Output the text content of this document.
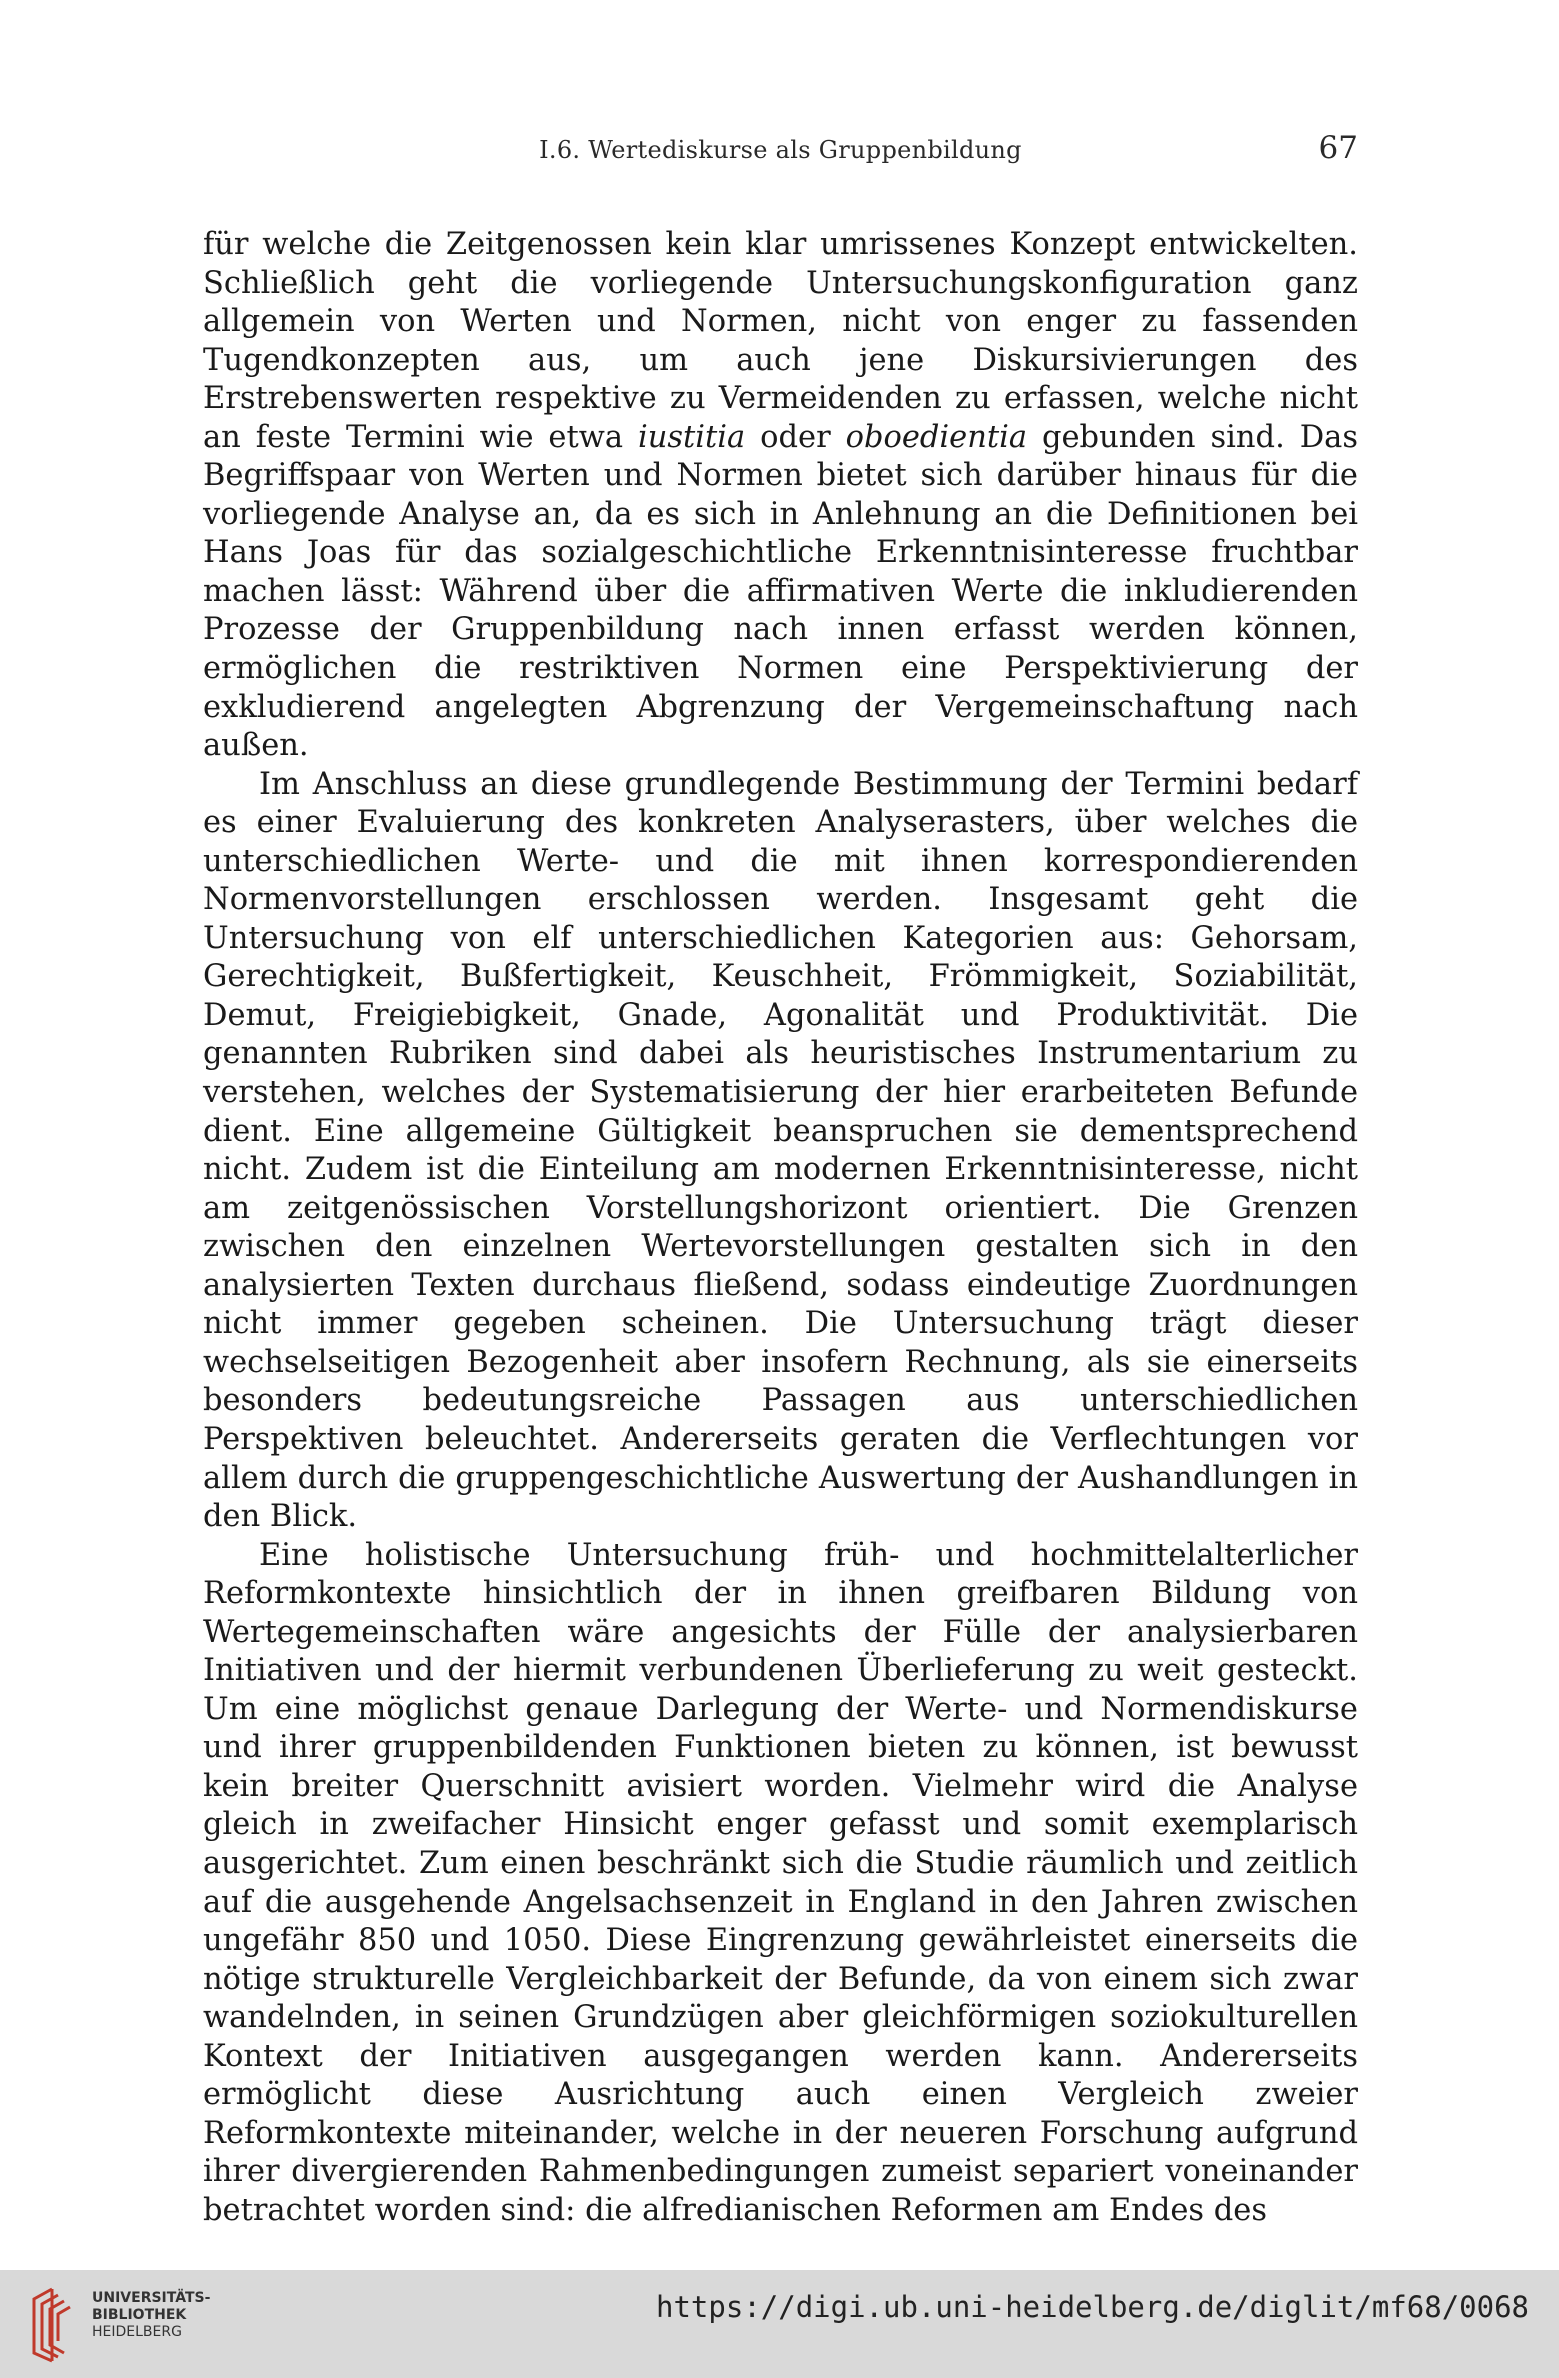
I.6. Wertediskurse als Gruppenbildung	67

für welche die Zeitgenossen kein klar umrissenes Konzept entwickelten. Schließlich geht die vorliegende Untersuchungskonfiguration ganz allgemein von Werten und Normen, nicht von enger zu fassenden Tugendkonzepten aus, um auch jene Diskursivierungen des Erstrebenswerten respektive zu Vermeidenden zu erfassen, welche nicht an feste Termini wie etwa iustitia oder oboedientia gebunden sind. Das Begriffspaar von Werten und Normen bietet sich darüber hinaus für die vorliegende Analyse an, da es sich in Anlehnung an die Definitionen bei Hans Joas für das sozialgeschichtliche Erkenntnisinteresse fruchtbar machen lässt: Während über die affirmativen Werte die inkludierenden Prozesse der Gruppenbildung nach innen erfasst werden können, ermöglichen die restriktiven Normen eine Perspektivierung der exkludierend angelegten Abgrenzung der Vergemeinschaftung nach außen.

Im Anschluss an diese grundlegende Bestimmung der Termini bedarf es einer Evaluierung des konkreten Analyserasters, über welches die unterschiedlichen Werte- und die mit ihnen korrespondierenden Normenvorstellungen erschlossen werden. Insgesamt geht die Untersuchung von elf unterschiedlichen Kategorien aus: Gehorsam, Gerechtigkeit, Bußfertigkeit, Keuschheit, Frömmigkeit, Soziabilität, Demut, Freigiebigkeit, Gnade, Agonalität und Produktivität. Die genannten Rubriken sind dabei als heuristisches Instrumentarium zu verstehen, welches der Systematisierung der hier erarbeiteten Befunde dient. Eine allgemeine Gültigkeit beanspruchen sie dementsprechend nicht. Zudem ist die Einteilung am modernen Erkenntnisinteresse, nicht am zeitgenössischen Vorstellungshorizont orientiert. Die Grenzen zwischen den einzelnen Wertevorstellungen gestalten sich in den analysierten Texten durchaus fließend, sodass eindeutige Zuordnungen nicht immer gegeben scheinen. Die Untersuchung trägt dieser wechselseitigen Bezogenheit aber insofern Rechnung, als sie einerseits besonders bedeutungsreiche Passagen aus unterschiedlichen Perspektiven beleuchtet. Andererseits geraten die Verflechtungen vor allem durch die gruppengeschichtliche Auswertung der Aushandlungen in den Blick.

Eine holistische Untersuchung früh- und hochmittelalterlicher Reformkontexte hinsichtlich der in ihnen greifbaren Bildung von Wertegemeinschaften wäre angesichts der Fülle der analysierbaren Initiativen und der hiermit verbundenen Überlieferung zu weit gesteckt. Um eine möglichst genaue Darlegung der Werte- und Normendiskurse und ihrer gruppenbildenden Funktionen bieten zu können, ist bewusst kein breiter Querschnitt avisiert worden. Vielmehr wird die Analyse gleich in zweifacher Hinsicht enger gefasst und somit exemplarisch ausgerichtet. Zum einen beschränkt sich die Studie räumlich und zeitlich auf die ausgehende Angelsachsenzeit in England in den Jahren zwischen ungefähr 850 und 1050. Diese Eingrenzung gewährleistet einerseits die nötige strukturelle Vergleichbarkeit der Befunde, da von einem sich zwar wandelnden, in seinen Grundzügen aber gleichförmigen soziokulturellen Kontext der Initiativen ausgegangen werden kann. Andererseits ermöglicht diese Ausrichtung auch einen Vergleich zweier Reformkontexte miteinander, welche in der neueren Forschung aufgrund ihrer divergierenden Rahmenbedingungen zumeist separiert voneinander betrachtet worden sind: die alfredianischen Reformen am Endes des

UNIVERSITÄTS-
BIBLIOTHEK
HEIDELBERG
https://digi.ub.uni-heidelberg.de/diglit/mf68/0068
